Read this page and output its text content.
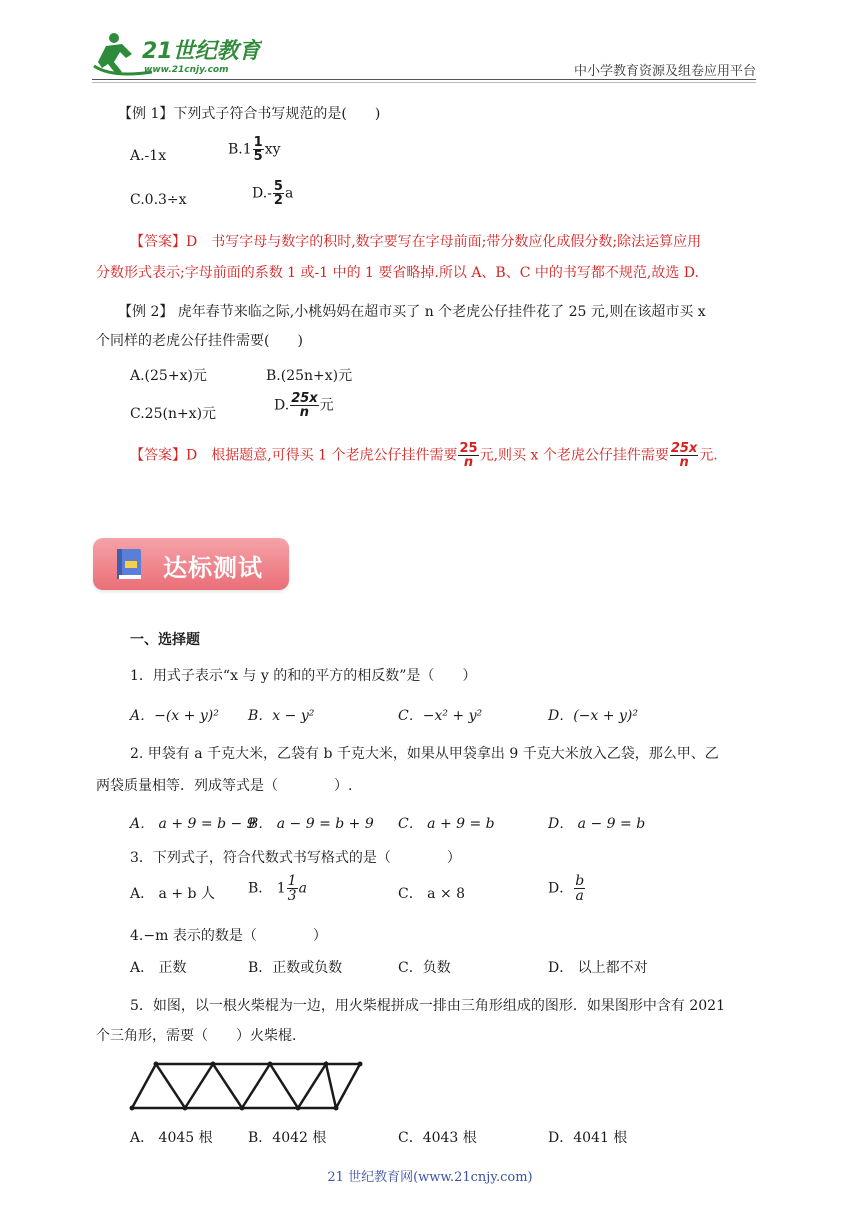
21世纪教育
www.21cnjy.com	中小学教育资源及组卷应用平台
【例 1】下列式子符合书写规范的是(　　)
A.-1x	$B.1 \frac{1}{5}$ xy
C.0.3÷x	$D.- \frac{5}{2}$ a
【答案】D　书写字母与数字的积时,数字要写在字母前面;带分数应化成假分数;除法运算应用
分数形式表示;字母前面的系数 1 或-1 中的 1 要省略掉.所以 A、B、C 中的书写都不规范,故选 D.
【例 2】 虎年春节来临之际,小桃妈妈在超市买了 n 个老虎公仔挂件花了 25 元,则在该超市买 x
个同样的老虎公仔挂件需要(　　)
A.(25+x)元	B.(25n+x)元
C.25(n+x)元
D. $\frac{25x}{n}$ 元
【答案】D　根据题意,可得买 1 个老虎公仔挂件需要 $\frac{25}{n}$ 元,则买 x 个老虎公仔挂件需要 $\frac{25x}{n}$ 元.
达标测试
一、选择题
1．用式子表示“x 与 y 的和的平方的相反数”是（　　）
A．−(x + y)² B．x − y²	C．−x² + y²	D．(−x + y)²
2. 甲袋有 a 千克大米，乙袋有 b 千克大米，如果从甲袋拿出 9 千克大米放入乙袋，那么甲、乙
两袋质量相等．列成等式是（　　　　）.
A． a + 9 = b − 9
B． a − 9 = b + 9 C． a + 9 = b	D． a − 9 = b
3．下列式子，符合代数式书写格式的是（　　　　）
A． a + b 人 B． $1 \frac{1}{3}$ a	C． a × 8	D． $\frac{b}{a}$
4.−m 表示的数是（　　　　）
A． 正数	B．正数或负数	C．负数	D． 以上都不对
5．如图，以一根火柴棍为一边，用火柴棍拼成一排由三角形组成的图形．如果图形中含有 2021
个三角形，需要（　　）火柴棍．
A． 4045 根	B．4042 根	C．4043 根	D．4041 根
21 世纪教育网(www.21cnjy.com)
